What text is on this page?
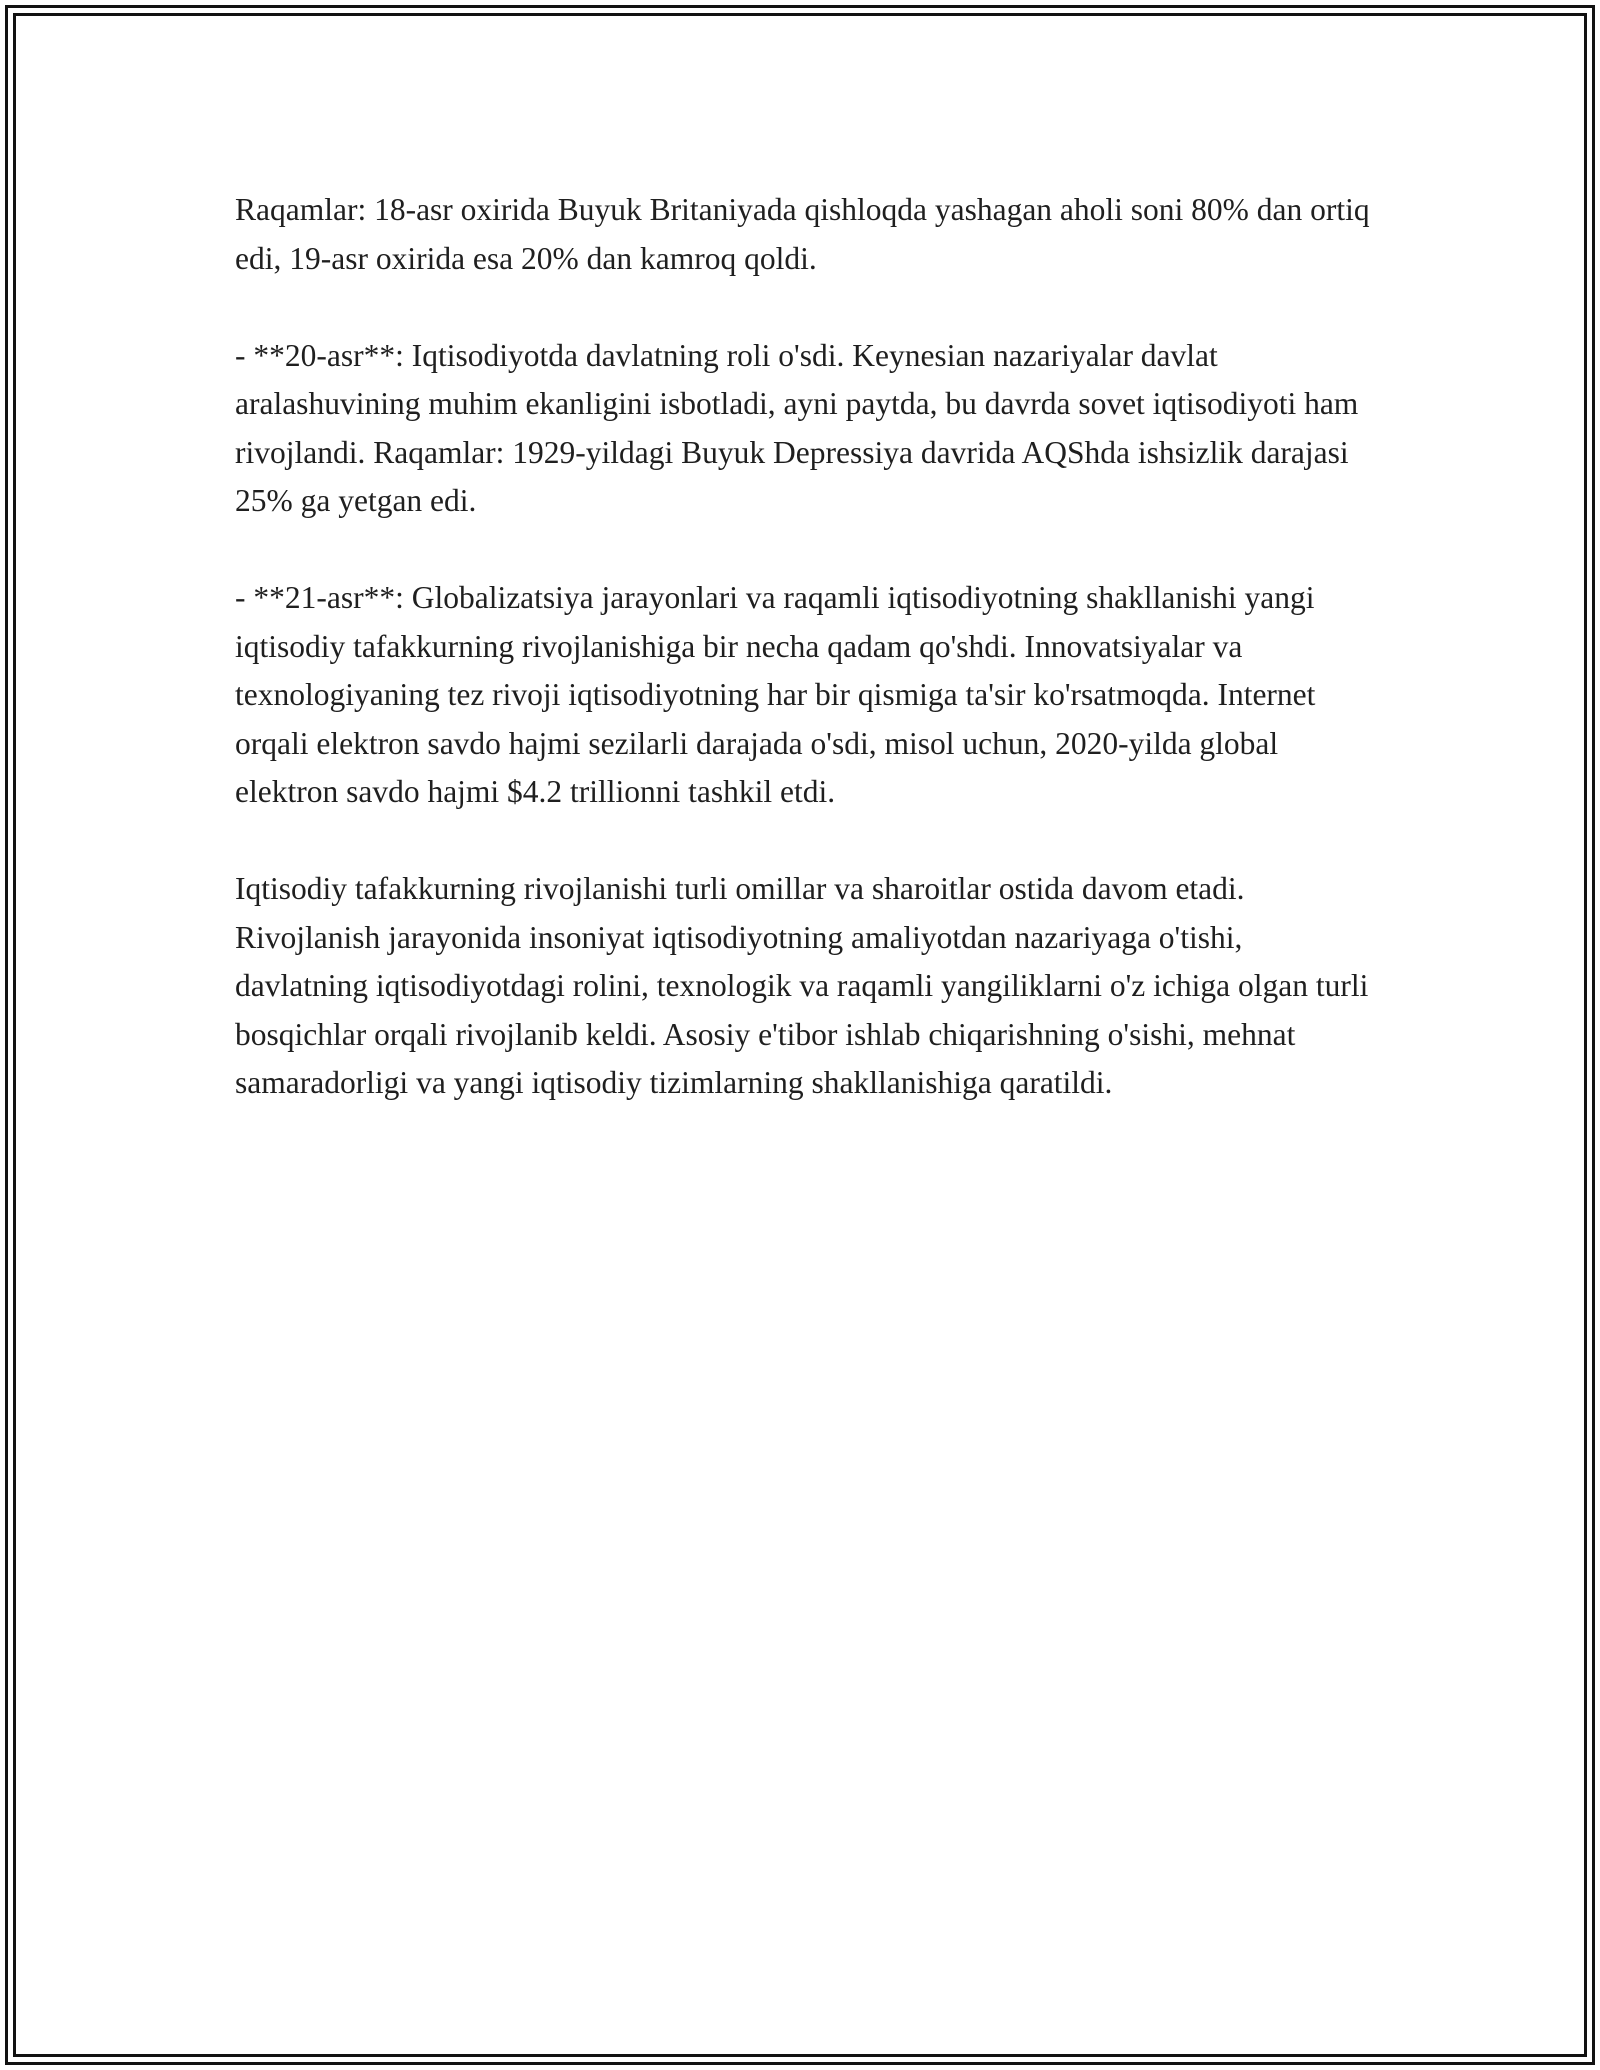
Raqamlar: 18-asr oxirida Buyuk Britaniyada qishloqda yashagan aholi soni 80% dan ortiq edi, 19-asr oxirida esa 20% dan kamroq qoldi.

- **20-asr**: Iqtisodiyotda davlatning roli o'sdi. Keynesian nazariyalar davlat aralashuvining muhim ekanligini isbotladi, ayni paytda, bu davrda sovet iqtisodiyoti ham rivojlandi. Raqamlar: 1929-yildagi Buyuk Depressiya davrida AQShda ishsizlik darajasi 25% ga yetgan edi.

- **21-asr**: Globalizatsiya jarayonlari va raqamli iqtisodiyotning shakllanishi yangi iqtisodiy tafakkurning rivojlanishiga bir necha qadam qo'shdi. Innovatsiyalar va texnologiyaning tez rivoji iqtisodiyotning har bir qismiga ta'sir ko'rsatmoqda. Internet orqali elektron savdo hajmi sezilarli darajada o'sdi, misol uchun, 2020-yilda global elektron savdo hajmi $4.2 trillionni tashkil etdi.

Iqtisodiy tafakkurning rivojlanishi turli omillar va sharoitlar ostida davom etadi. Rivojlanish jarayonida insoniyat iqtisodiyotning amaliyotdan nazariyaga o'tishi, davlatning iqtisodiyotdagi rolini, texnologik va raqamli yangiliklarni o'z ichiga olgan turli bosqichlar orqali rivojlanib keldi. Asosiy e'tibor ishlab chiqarishning o'sishi, mehnat samaradorligi va yangi iqtisodiy tizimlarning shakllanishiga qaratildi.
